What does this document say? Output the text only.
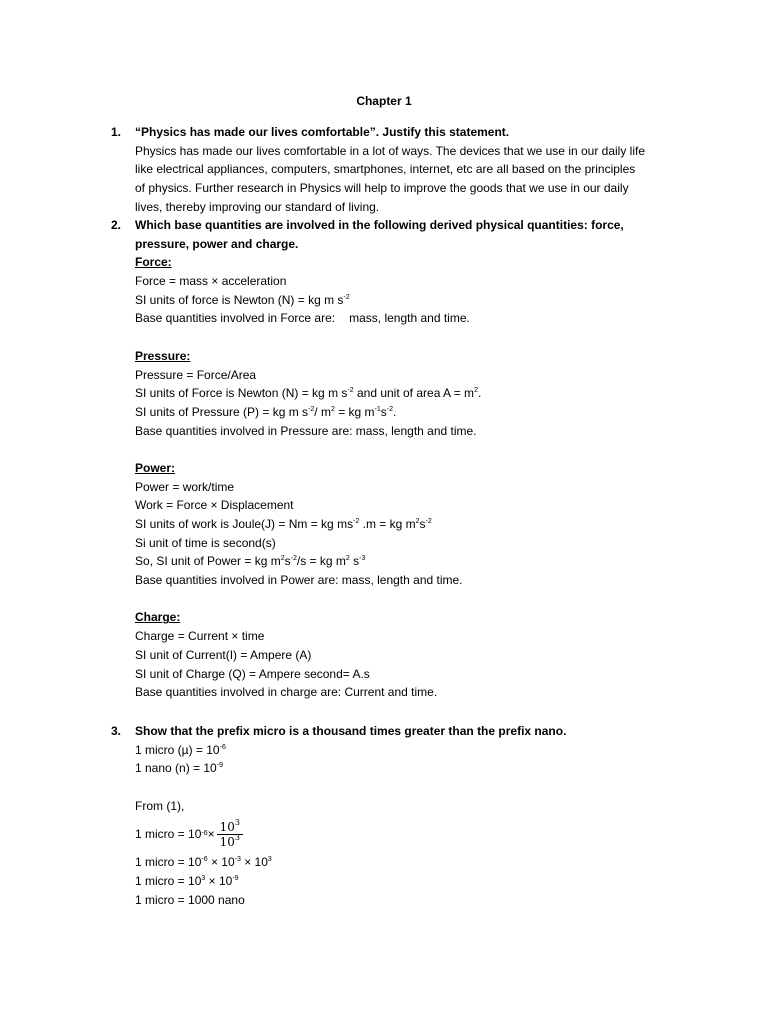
Chapter 1
1. “Physics has made our lives comfortable”. Justify this statement.
Physics has made our lives comfortable in a lot of ways. The devices that we use in our daily life
like electrical appliances, computers, smartphones, internet, etc are all based on the principles
of physics. Further research in Physics will help to improve the goods that we use in our daily
lives, thereby improving our standard of living.
2. Which base quantities are involved in the following derived physical quantities: force,
pressure, power and charge.
Force:
Force = mass × acceleration
SI units of force is Newton (N) = kg m $s^{-2}$
Base quantities involved in Force are: mass, length and time.
Pressure:
Pressure = Force/Area
SI units of Force is Newton (N) = kg m $s^{-2}$ and unit of area $A = m^2$.
SI units of Pressure (P) = kg m $s^{-2}/$ $m^2$ = kg $m^{-1}s^{-2}$.
Base quantities involved in Pressure are: mass, length and time.
Power:
Power = work/time
Work = Force × Displacement
SI units of work is Joule(J) = Nm = kg $ms^{-2}$ .m = kg $m^2s^{-2}$
Si unit of time is second(s)
So, SI unit of Power = kg $m^2s^{-2}/s$ = kg $m^2$ $s^{-3}$
Base quantities involved in Power are: mass, length and time.
Charge:
Charge = Current × time
SI unit of Current(I) = Ampere (A)
SI unit of Charge (Q) = Ampere second= A.s
Base quantities involved in charge are: Current and time.
3. Show that the prefix micro is a thousand times greater than the prefix nano.
1 micro $(\mu) = 10^{-6}$
1 nano $(n) = 10^{-9}$
From (1),
1 micro = 10 $-6 \times \frac{10^3}{10^3}$
1 micro = $10^{-6} \times 10^{-3} \times 10^3$
1 micro = $10^3 \times 10^{-9}$
1 micro = 1000 nano
